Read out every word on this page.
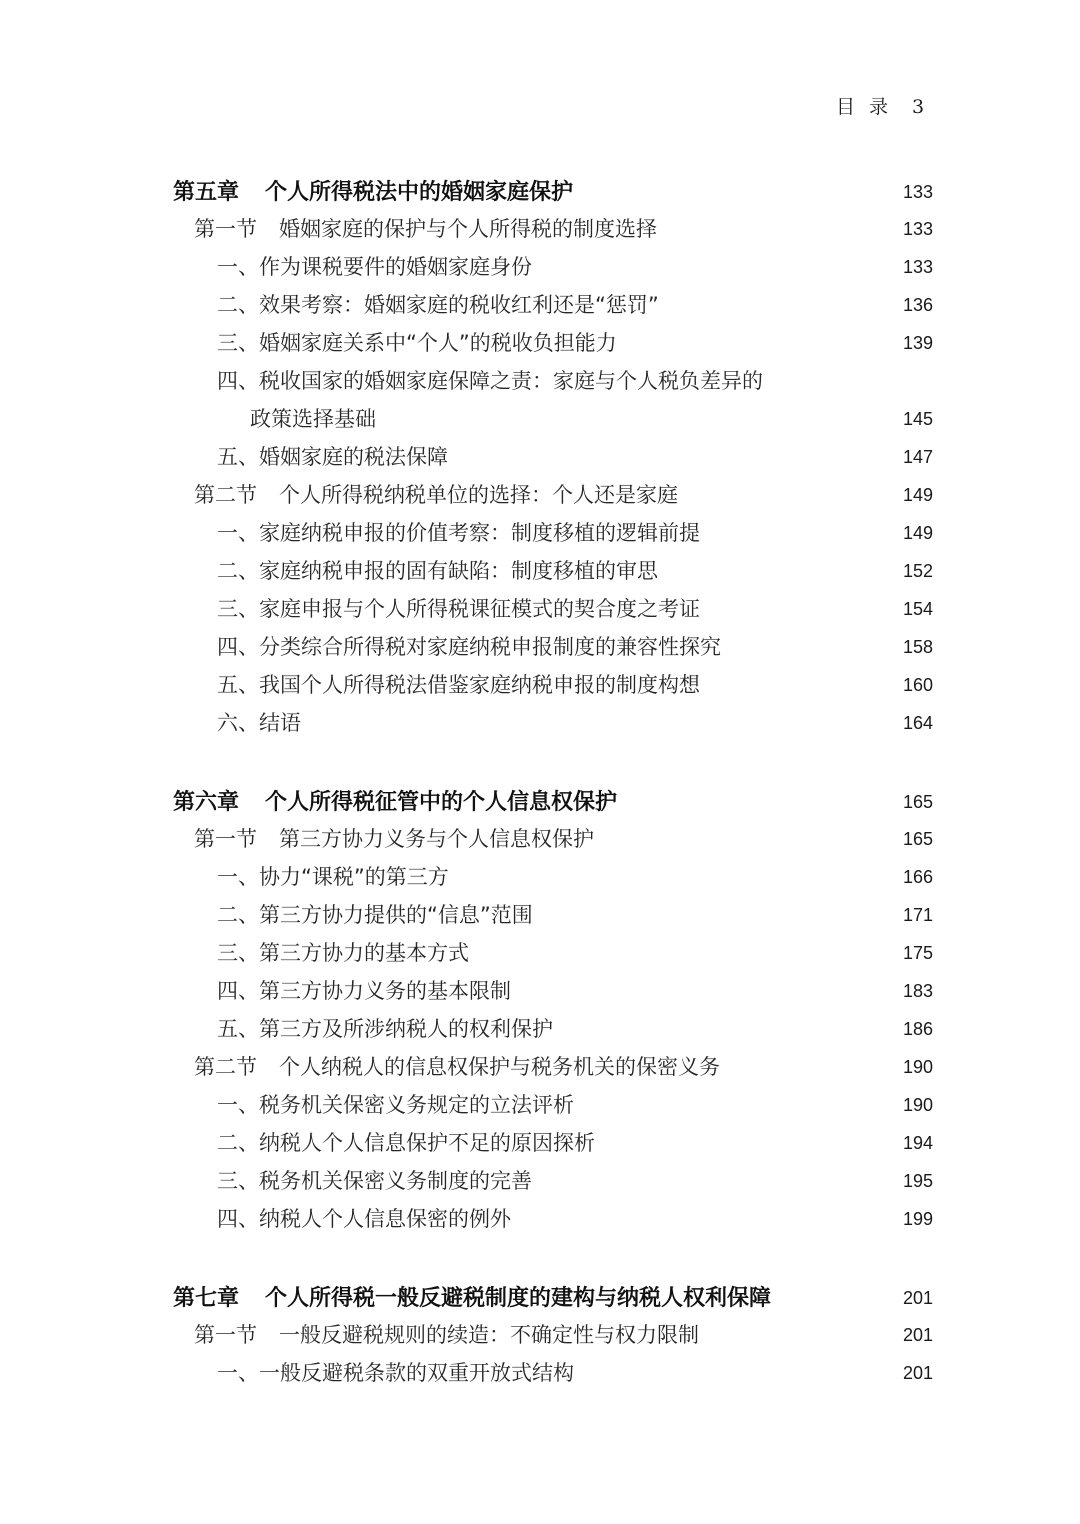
目录 3
第五章 个人所得税法中的婚姻家庭保护	133
第一节 婚姻家庭的保护与个人所得税的制度选择	133
一、作为课税要件的婚姻家庭身份	133
二、效果考察：婚姻家庭的税收红利还是“惩罚”	136
三、婚姻家庭关系中“个人”的税收负担能力	139
四、税收国家的婚姻家庭保障之责：家庭与个人税负差异的
政策选择基础	145
五、婚姻家庭的税法保障	147
第二节 个人所得税纳税单位的选择：个人还是家庭	149
一、家庭纳税申报的价值考察：制度移植的逻辑前提	149
二、家庭纳税申报的固有缺陷：制度移植的审思	152
三、家庭申报与个人所得税课征模式的契合度之考证	154
四、分类综合所得税对家庭纳税申报制度的兼容性探究	158
五、我国个人所得税法借鉴家庭纳税申报的制度构想	160
六、结语	164
第六章 个人所得税征管中的个人信息权保护	165
第一节 第三方协力义务与个人信息权保护	165
一、协力“课税”的第三方	166
二、第三方协力提供的“信息”范围	171
三、第三方协力的基本方式	175
四、第三方协力义务的基本限制	183
五、第三方及所涉纳税人的权利保护	186
第二节 个人纳税人的信息权保护与税务机关的保密义务	190
一、税务机关保密义务规定的立法评析	190
二、纳税人个人信息保护不足的原因探析	194
三、税务机关保密义务制度的完善	195
四、纳税人个人信息保密的例外	199
第七章 个人所得税一般反避税制度的建构与纳税人权利保障	201
第一节 一般反避税规则的续造：不确定性与权力限制	201
一、一般反避税条款的双重开放式结构	201
